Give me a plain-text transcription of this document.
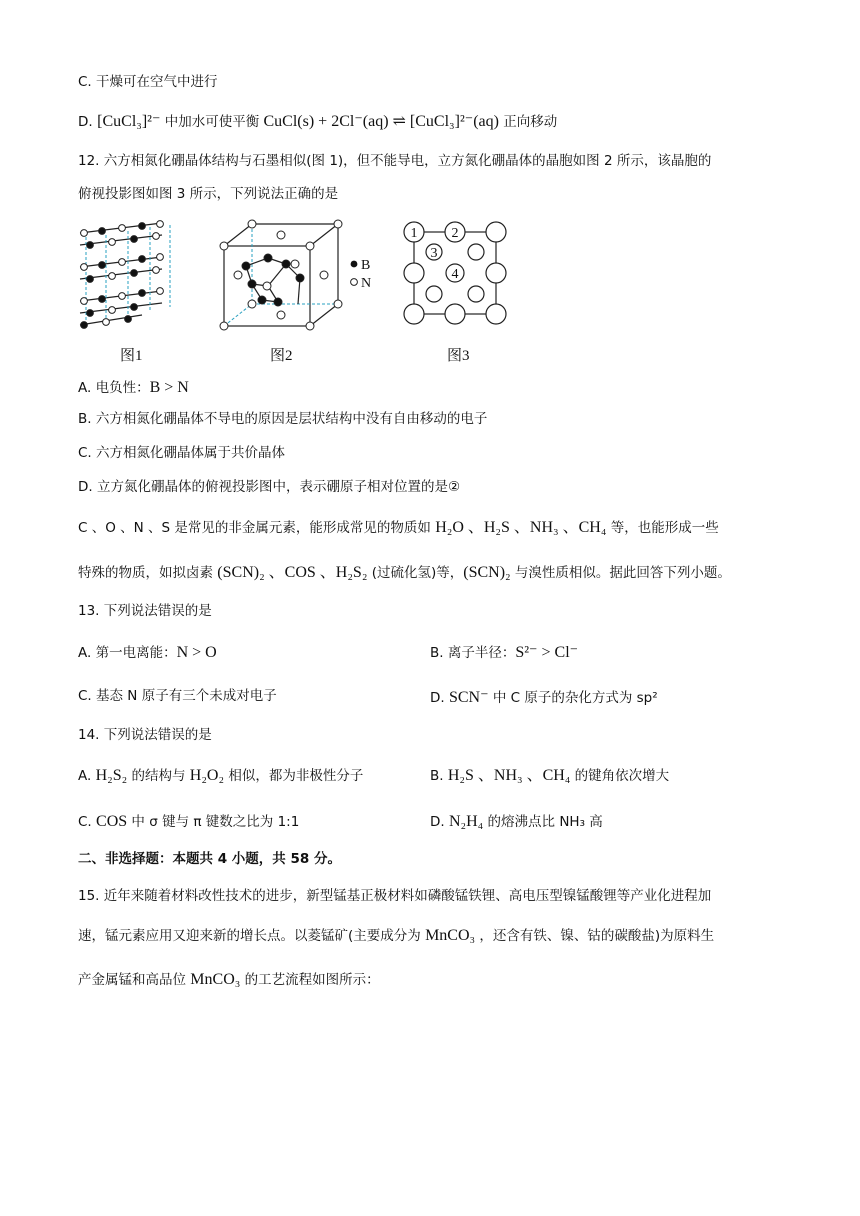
C. 干燥可在空气中进行
D. [CuCl₃]²⁻ 中加水可使平衡 CuCl(s) + 2Cl⁻(aq) ⇌ [CuCl₃]²⁻(aq) 正向移动
12. 六方相氮化硼晶体结构与石墨相似(图 1)，但不能导电，立方氮化硼晶体的晶胞如图 2 所示，该晶胞的
俯视投影图如图 3 所示，下列说法正确的是
图1
B
N
图2
1 2
3
4
图3
A. 电负性：B > N
B. 六方相氮化硼晶体不导电的原因是层状结构中没有自由移动的电子
C. 六方相氮化硼晶体属于共价晶体
D. 立方氮化硼晶体的俯视投影图中，表示硼原子相对位置的是②
C 、O 、N 、S 是常见的非金属元素，能形成常见的物质如 H₂O 、H₂S 、NH₃ 、CH₄ 等，也能形成一些
特殊的物质，如拟卤素 (SCN)₂ 、COS 、H₂S₂ (过硫化氢)等，(SCN)₂ 与溴性质相似。据此回答下列小题。
13. 下列说法错误的是
A. 第一电离能：N > O	B. 离子半径：S²⁻ > Cl⁻
C. 基态 N 原子有三个未成对电子	D. SCN⁻ 中 C 原子的杂化方式为 sp²
14. 下列说法错误的是
A. H₂S₂ 的结构与 H₂O₂ 相似，都为非极性分子	B. H₂S 、NH₃ 、CH₄ 的键角依次增大
C. COS 中 σ 键与 π 键数之比为 1:1	D. N₂H₄ 的熔沸点比 NH₃ 高
二、非选择题：本题共 4 小题，共 58 分。
15. 近年来随着材料改性技术的进步，新型锰基正极材料如磷酸锰铁锂、高电压型镍锰酸锂等产业化进程加
速，锰元素应用又迎来新的增长点。以菱锰矿(主要成分为 MnCO₃ ，还含有铁、镍、钴的碳酸盐)为原料生
产金属锰和高品位 MnCO₃ 的工艺流程如图所示：
